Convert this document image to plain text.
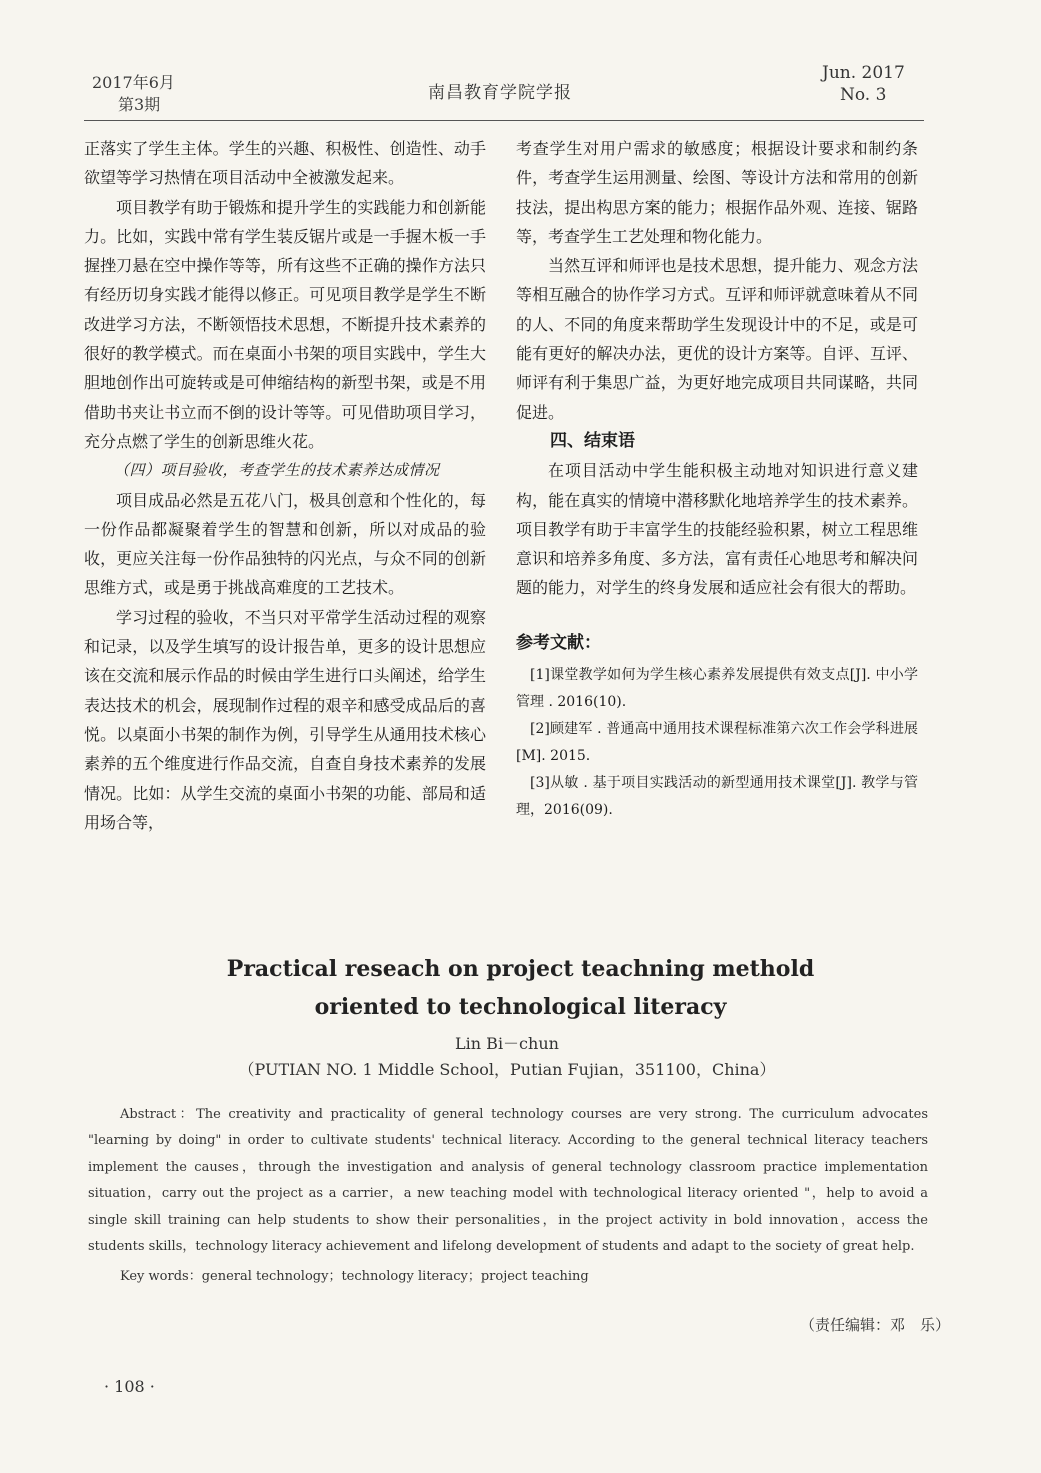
2017年6月
第3期
南昌教育学院学报
Jun. 2017
No. 3

正落实了学生主体。学生的兴趣、积极性、创造性、动手欲望等学习热情在项目活动中全被激发起来。

项目教学有助于锻炼和提升学生的实践能力和创新能力。比如，实践中常有学生装反锯片或是一手握木板一手握挫刀悬在空中操作等等，所有这些不正确的操作方法只有经历切身实践才能得以修正。可见项目教学是学生不断改进学习方法，不断领悟技术思想，不断提升技术素养的很好的教学模式。而在桌面小书架的项目实践中，学生大胆地创作出可旋转或是可伸缩结构的新型书架，或是不用借助书夹让书立而不倒的设计等等。可见借助项目学习，充分点燃了学生的创新思维火花。

（四）项目验收，考查学生的技术素养达成情况

项目成品必然是五花八门，极具创意和个性化的，每一份作品都凝聚着学生的智慧和创新，所以对成品的验收，更应关注每一份作品独特的闪光点，与众不同的创新思维方式，或是勇于挑战高难度的工艺技术。

学习过程的验收，不当只对平常学生活动过程的观察和记录，以及学生填写的设计报告单，更多的设计思想应该在交流和展示作品的时候由学生进行口头阐述，给学生表达技术的机会，展现制作过程的艰辛和感受成品后的喜悦。以桌面小书架的制作为例，引导学生从通用技术核心素养的五个维度进行作品交流，自查自身技术素养的发展情况。比如：从学生交流的桌面小书架的功能、部局和适用场合等，

考查学生对用户需求的敏感度；根据设计要求和制约条件，考查学生运用测量、绘图、等设计方法和常用的创新技法，提出构思方案的能力；根据作品外观、连接、锯路等，考查学生工艺处理和物化能力。

当然互评和师评也是技术思想，提升能力、观念方法等相互融合的协作学习方式。互评和师评就意味着从不同的人、不同的角度来帮助学生发现设计中的不足，或是可能有更好的解决办法，更优的设计方案等。自评、互评、师评有利于集思广益，为更好地完成项目共同谋略，共同促进。

四、结束语

在项目活动中学生能积极主动地对知识进行意义建构，能在真实的情境中潜移默化地培养学生的技术素养。项目教学有助于丰富学生的技能经验积累，树立工程思维意识和培养多角度、多方法，富有责任心地思考和解决问题的能力，对学生的终身发展和适应社会有很大的帮助。

参考文献：

[1]课堂教学如何为学生核心素养发展提供有效支点[J]. 中小学管理 . 2016(10).

[2]顾建军 . 普通高中通用技术课程标准第六次工作会学科进展[M]. 2015.

[3]从敏 . 基于项目实践活动的新型通用技术课堂[J]. 教学与管理，2016(09).

Practical reseach on project teachning methold
oriented to technological literacy
Lin Bi－chun
（PUTIAN NO. 1 Middle School，Putian Fujian，351100，China）
Abstract：The creativity and practicality of general technology courses are very strong. The curriculum advocates "learning by doing" in order to cultivate students' technical literacy. According to the general technical literacy teachers implement the causes，through the investigation and analysis of general technology classroom practice implementation situation，carry out the project as a carrier，a new teaching model with technological literacy oriented "，help to avoid a single skill training can help students to show their personalities，in the project activity in bold innovation，access the students skills，technology literacy achievement and lifelong development of students and adapt to the society of great help.
Key words：general technology；technology literacy；project teaching
（责任编辑：邓　乐）
· 108 ·
